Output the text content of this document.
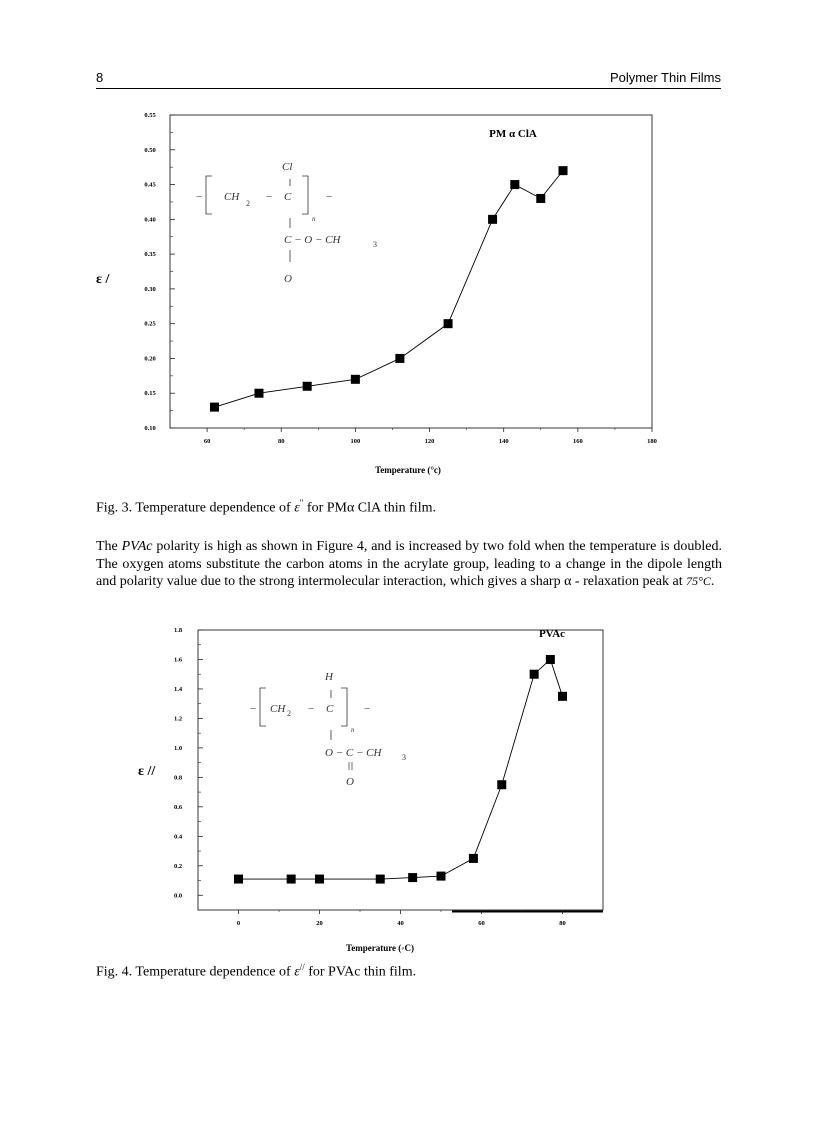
8	Polymer Thin Films
60	80	100	120	140	160	180
0.10
0.15
0.20
0.25
0.30
0.35
0.40
0.45
0.50
0.55
PM α ClA
Temperature (°c)
ε /
Cl
− CH
2
− C
n
−
C − O − CH	3
O
Fig. 3. Temperature dependence of ε" for PMα ClA thin film.
The PVAc polarity is high as shown in Figure 4, and is increased by two fold when the temperature is doubled. The oxygen atoms substitute the carbon atoms in the acrylate group, leading to a change in the dipole length and polarity value due to the strong intermolecular interaction, which gives a sharp α - relaxation peak at 75°C.
0	20	40	60	80
0.0
0.2
0.4
0.6
0.8
1.0
1.2
1.4
1.6
1.8	PVAc
Temperature (◦C)
ε //
H
− CH 2 − C
n
−
O − C − CH	3
O
Fig. 4. Temperature dependence of ε// for PVAc thin film.
